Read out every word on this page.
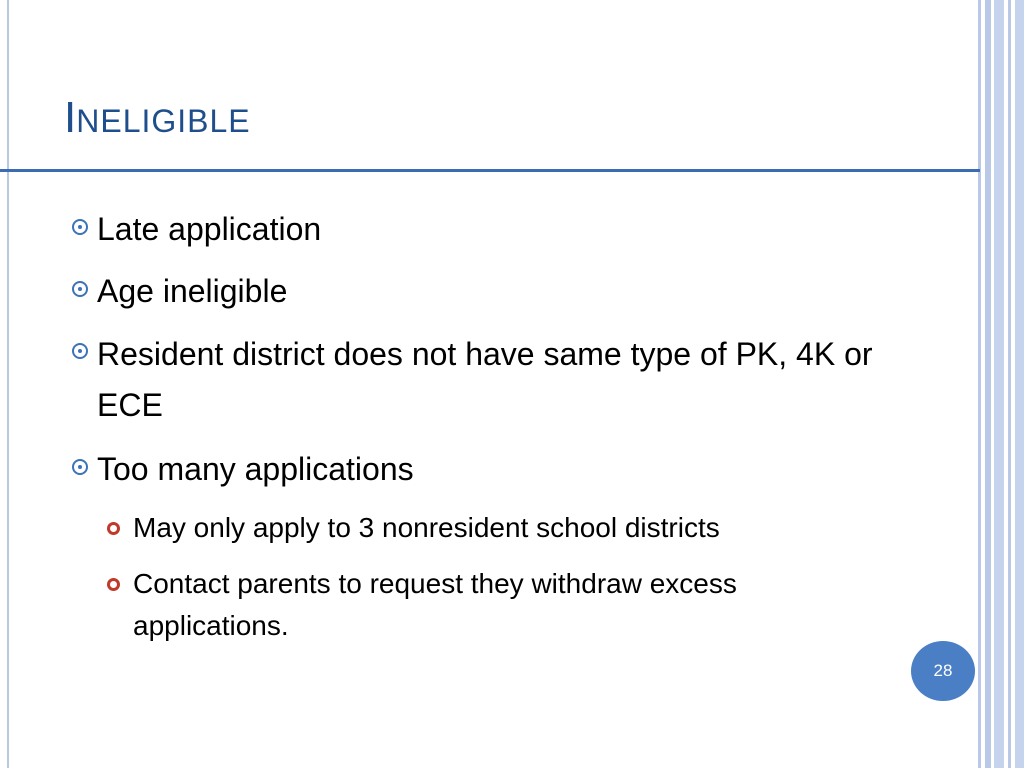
INELIGIBLE
Late application
Age ineligible
Resident district does not have same type of PK, 4K or ECE
Too many applications
May only apply to 3 nonresident school districts
Contact parents to request they withdraw excess applications.
28
